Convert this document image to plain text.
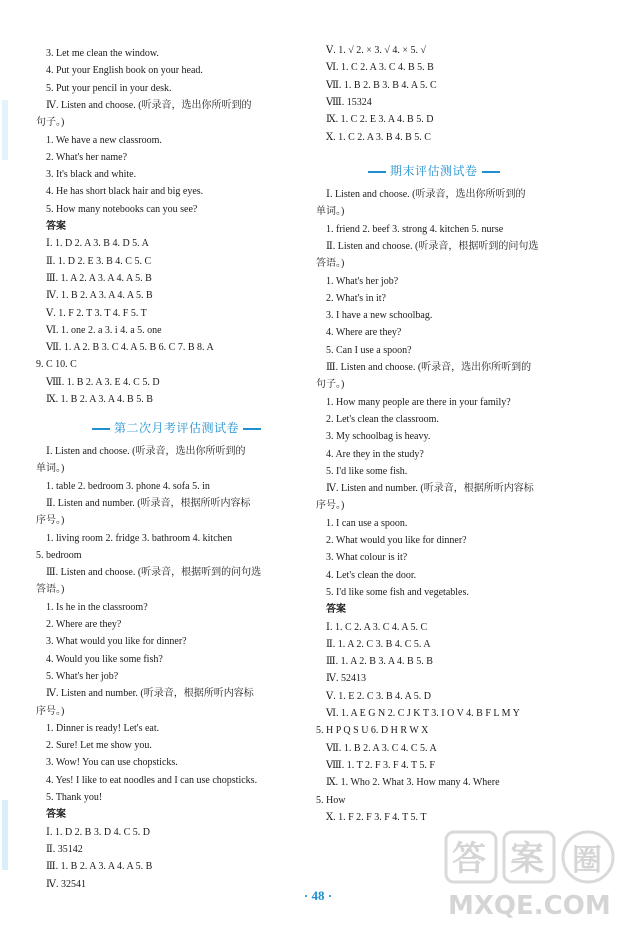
3. Let me clean the window.
4. Put your English book on your head.
5. Put your pencil in your desk.
Ⅳ. Listen and choose. (听录音，选出你所听到的
句子。)
1. We have a new classroom.
2. What's her name?
3. It's black and white.
4. He has short black hair and big eyes.
5. How many notebooks can you see?
答案
Ⅰ. 1. D 2. A 3. B 4. D 5. A
Ⅱ. 1. D 2. E 3. B 4. C 5. C
Ⅲ. 1. A 2. A 3. A 4. A 5. B
Ⅳ. 1. B 2. A 3. A 4. A 5. B
Ⅴ. 1. F 2. T 3. T 4. F 5. T
Ⅵ. 1. one 2. a 3. i 4. a 5. one
Ⅶ. 1. A 2. B 3. C 4. A 5. B 6. C 7. B 8. A
9. C 10. C
Ⅷ. 1. B 2. A 3. E 4. C 5. D
Ⅸ. 1. B 2. A 3. A 4. B 5. B
第二次月考评估测试卷
Ⅰ. Listen and choose. (听录音，选出你所听到的
单词。)
1. table 2. bedroom 3. phone 4. sofa 5. in
Ⅱ. Listen and number. (听录音，根据所听内容标
序号。)
1. living room 2. fridge 3. bathroom 4. kitchen
5. bedroom
Ⅲ. Listen and choose. (听录音，根据听到的问句选
答语。)
1. Is he in the classroom?
2. Where are they?
3. What would you like for dinner?
4. Would you like some fish?
5. What's her job?
Ⅳ. Listen and number. (听录音，根据所听内容标
序号。)
1. Dinner is ready! Let's eat.
2. Sure! Let me show you.
3. Wow! You can use chopsticks.
4. Yes! I like to eat noodles and I can use chopsticks.
5. Thank you!
答案
Ⅰ. 1. D 2. B 3. D 4. C 5. D
Ⅱ. 35142
Ⅲ. 1. B 2. A 3. A 4. A 5. B
Ⅳ. 32541
Ⅴ. 1. √ 2. × 3. √ 4. × 5. √
Ⅵ. 1. C 2. A 3. C 4. B 5. B
Ⅶ. 1. B 2. B 3. B 4. A 5. C
Ⅷ. 15324
Ⅸ. 1. C 2. E 3. A 4. B 5. D
Ⅹ. 1. C 2. A 3. B 4. B 5. C
期末评估测试卷
Ⅰ. Listen and choose. (听录音，选出你所听到的
单词。)
1. friend 2. beef 3. strong 4. kitchen 5. nurse
Ⅱ. Listen and choose. (听录音，根据听到的问句选
答语。)
1. What's her job?
2. What's in it?
3. I have a new schoolbag.
4. Where are they?
5. Can I use a spoon?
Ⅲ. Listen and choose. (听录音，选出你所听到的
句子。)
1. How many people are there in your family?
2. Let's clean the classroom.
3. My schoolbag is heavy.
4. Are they in the study?
5. I'd like some fish.
Ⅳ. Listen and number. (听录音，根据所听内容标
序号。)
1. I can use a spoon.
2. What would you like for dinner?
3. What colour is it?
4. Let's clean the door.
5. I'd like some fish and vegetables.
答案
Ⅰ. 1. C 2. A 3. C 4. A 5. C
Ⅱ. 1. A 2. C 3. B 4. C 5. A
Ⅲ. 1. A 2. B 3. A 4. B 5. B
Ⅳ. 52413
Ⅴ. 1. E 2. C 3. B 4. A 5. D
Ⅵ. 1. A E G N 2. C J K T 3. I O V 4. B F L M Y
5. H P Q S U 6. D H R W X
Ⅶ. 1. B 2. A 3. C 4. C 5. A
Ⅷ. 1. T 2. F 3. F 4. T 5. F
Ⅸ. 1. Who 2. What 3. How many 4. Where
5. How
Ⅹ. 1. F 2. F 3. F 4. T 5. T
· 48 ·
答 案 圈
MXQE.COM
